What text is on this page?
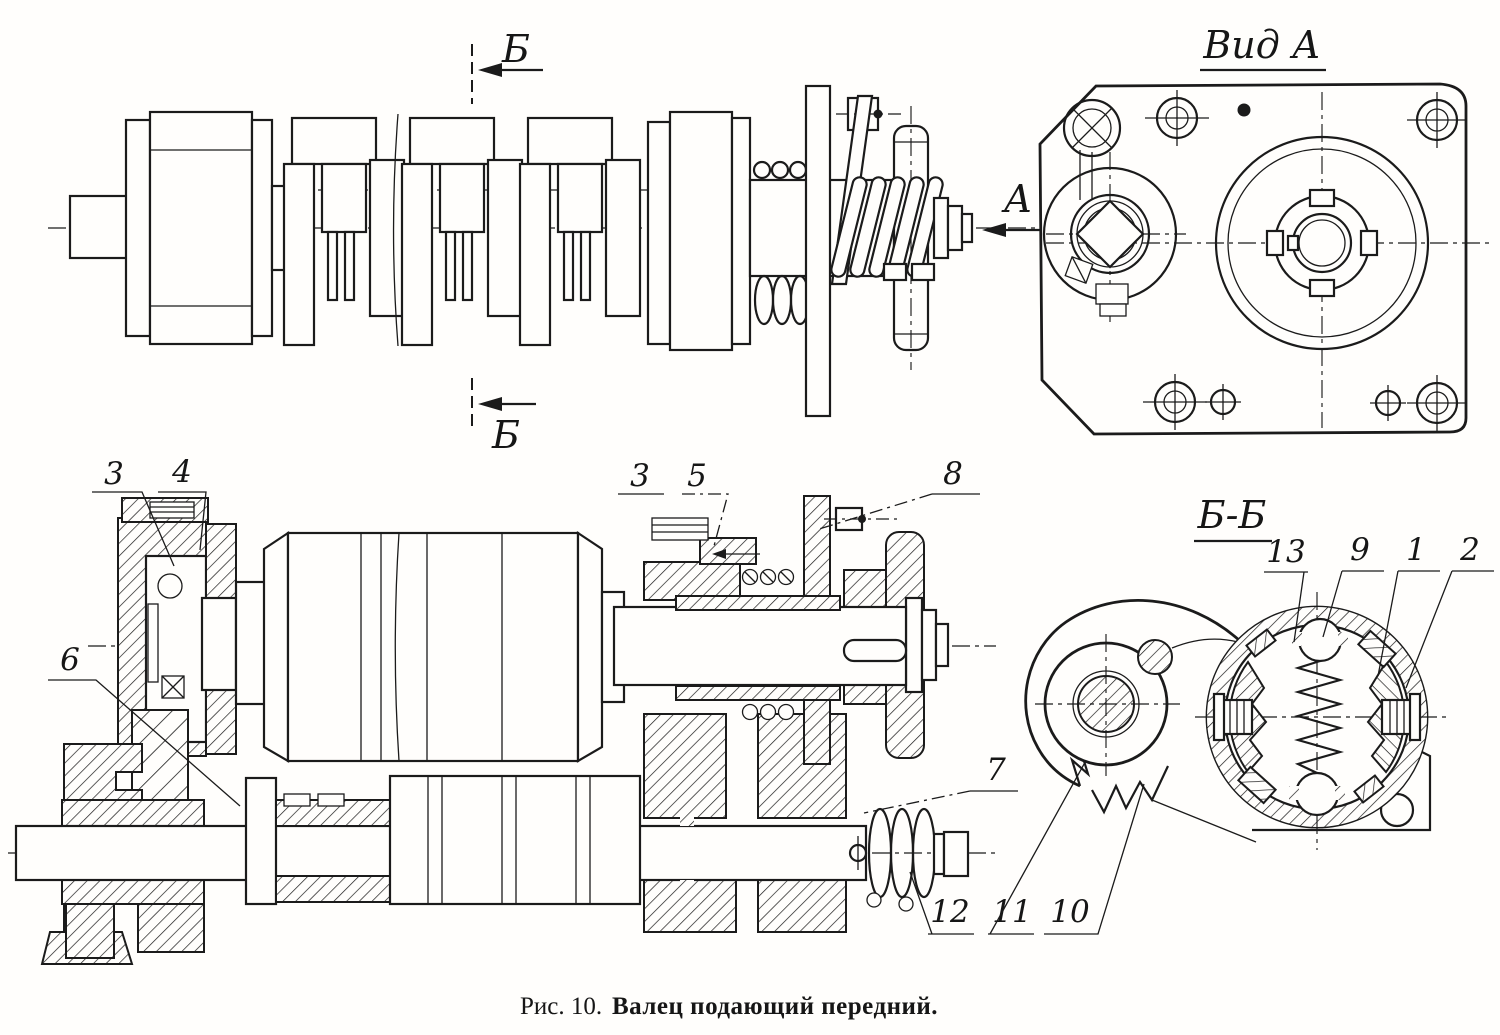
Б
Б
А
Вид А
3 4
6
3 5	8
7
12 11 10
Б-Б
13 9 1 2
Рис. 10. Валец подающий передний.
